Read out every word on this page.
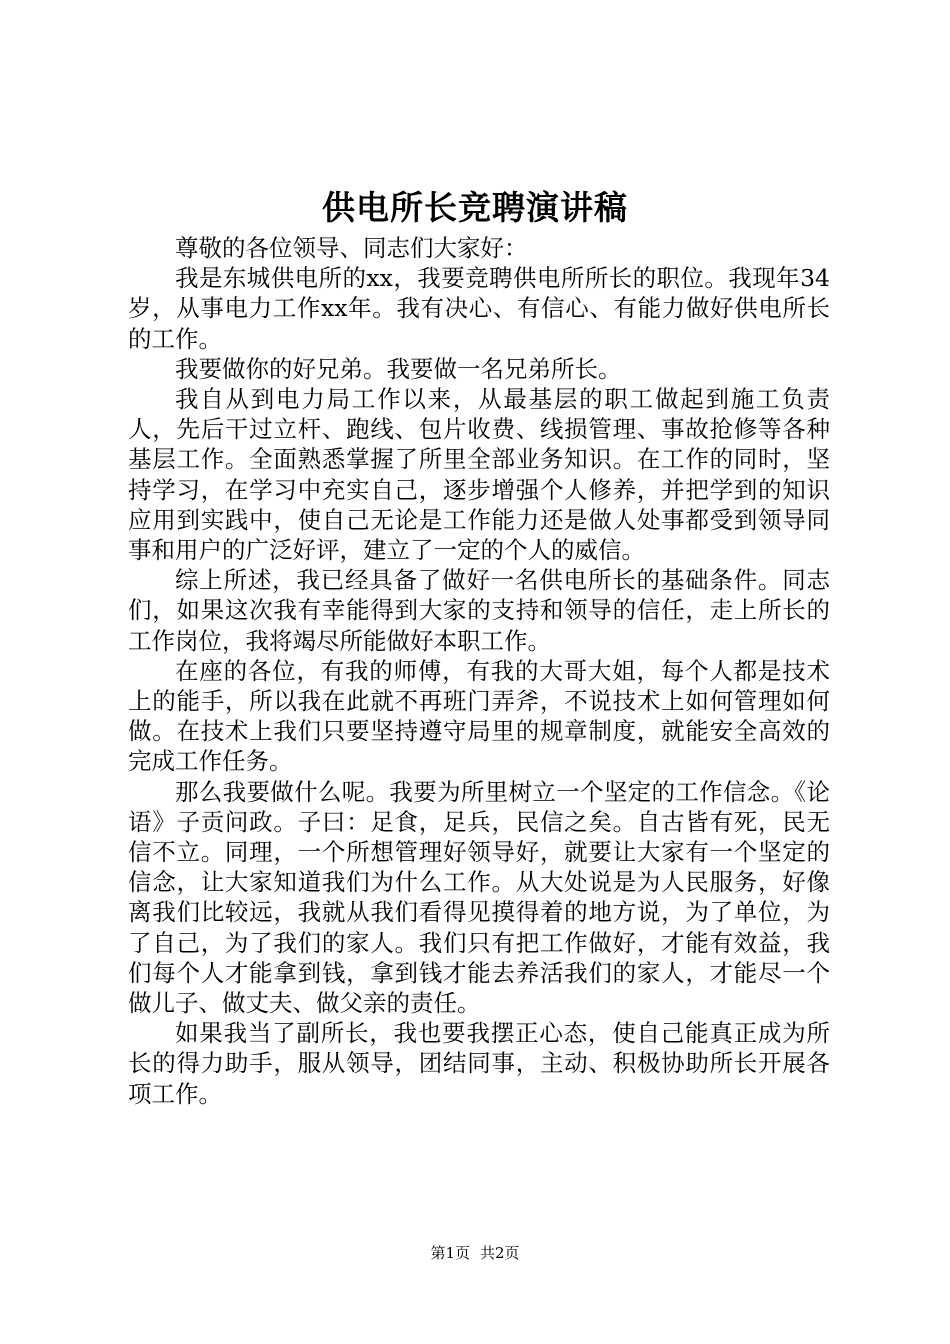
供电所长竞聘演讲稿

尊敬的各位领导、同志们大家好：

我是东城供电所的xx，我要竞聘供电所所长的职位。我现年34岁，从事电力工作xx年。我有决心、有信心、有能力做好供电所长的工作。

我要做你的好兄弟。我要做一名兄弟所长。

我自从到电力局工作以来，从最基层的职工做起到施工负责人，先后干过立杆、跑线、包片收费、线损管理、事故抢修等各种基层工作。全面熟悉掌握了所里全部业务知识。在工作的同时，坚持学习，在学习中充实自己，逐步增强个人修养，并把学到的知识应用到实践中，使自己无论是工作能力还是做人处事都受到领导同事和用户的广泛好评，建立了一定的个人的威信。

综上所述，我已经具备了做好一名供电所长的基础条件。同志们，如果这次我有幸能得到大家的支持和领导的信任，走上所长的工作岗位，我将竭尽所能做好本职工作。

在座的各位，有我的师傅，有我的大哥大姐，每个人都是技术上的能手，所以我在此就不再班门弄斧，不说技术上如何管理如何做。在技术上我们只要坚持遵守局里的规章制度，就能安全高效的完成工作任务。

那么我要做什么呢。我要为所里树立一个坚定的工作信念。《论语》子贡问政。子曰：足食，足兵，民信之矣。自古皆有死，民无信不立。同理，一个所想管理好领导好，就要让大家有一个坚定的信念，让大家知道我们为什么工作。从大处说是为人民服务，好像离我们比较远，我就从我们看得见摸得着的地方说，为了单位，为了自己，为了我们的家人。我们只有把工作做好，才能有效益，我们每个人才能拿到钱，拿到钱才能去养活我们的家人，才能尽一个做儿子、做丈夫、做父亲的责任。

如果我当了副所长，我也要我摆正心态，使自己能真正成为所长的得力助手，服从领导，团结同事，主动、积极协助所长开展各项工作。

第1页 共2页
